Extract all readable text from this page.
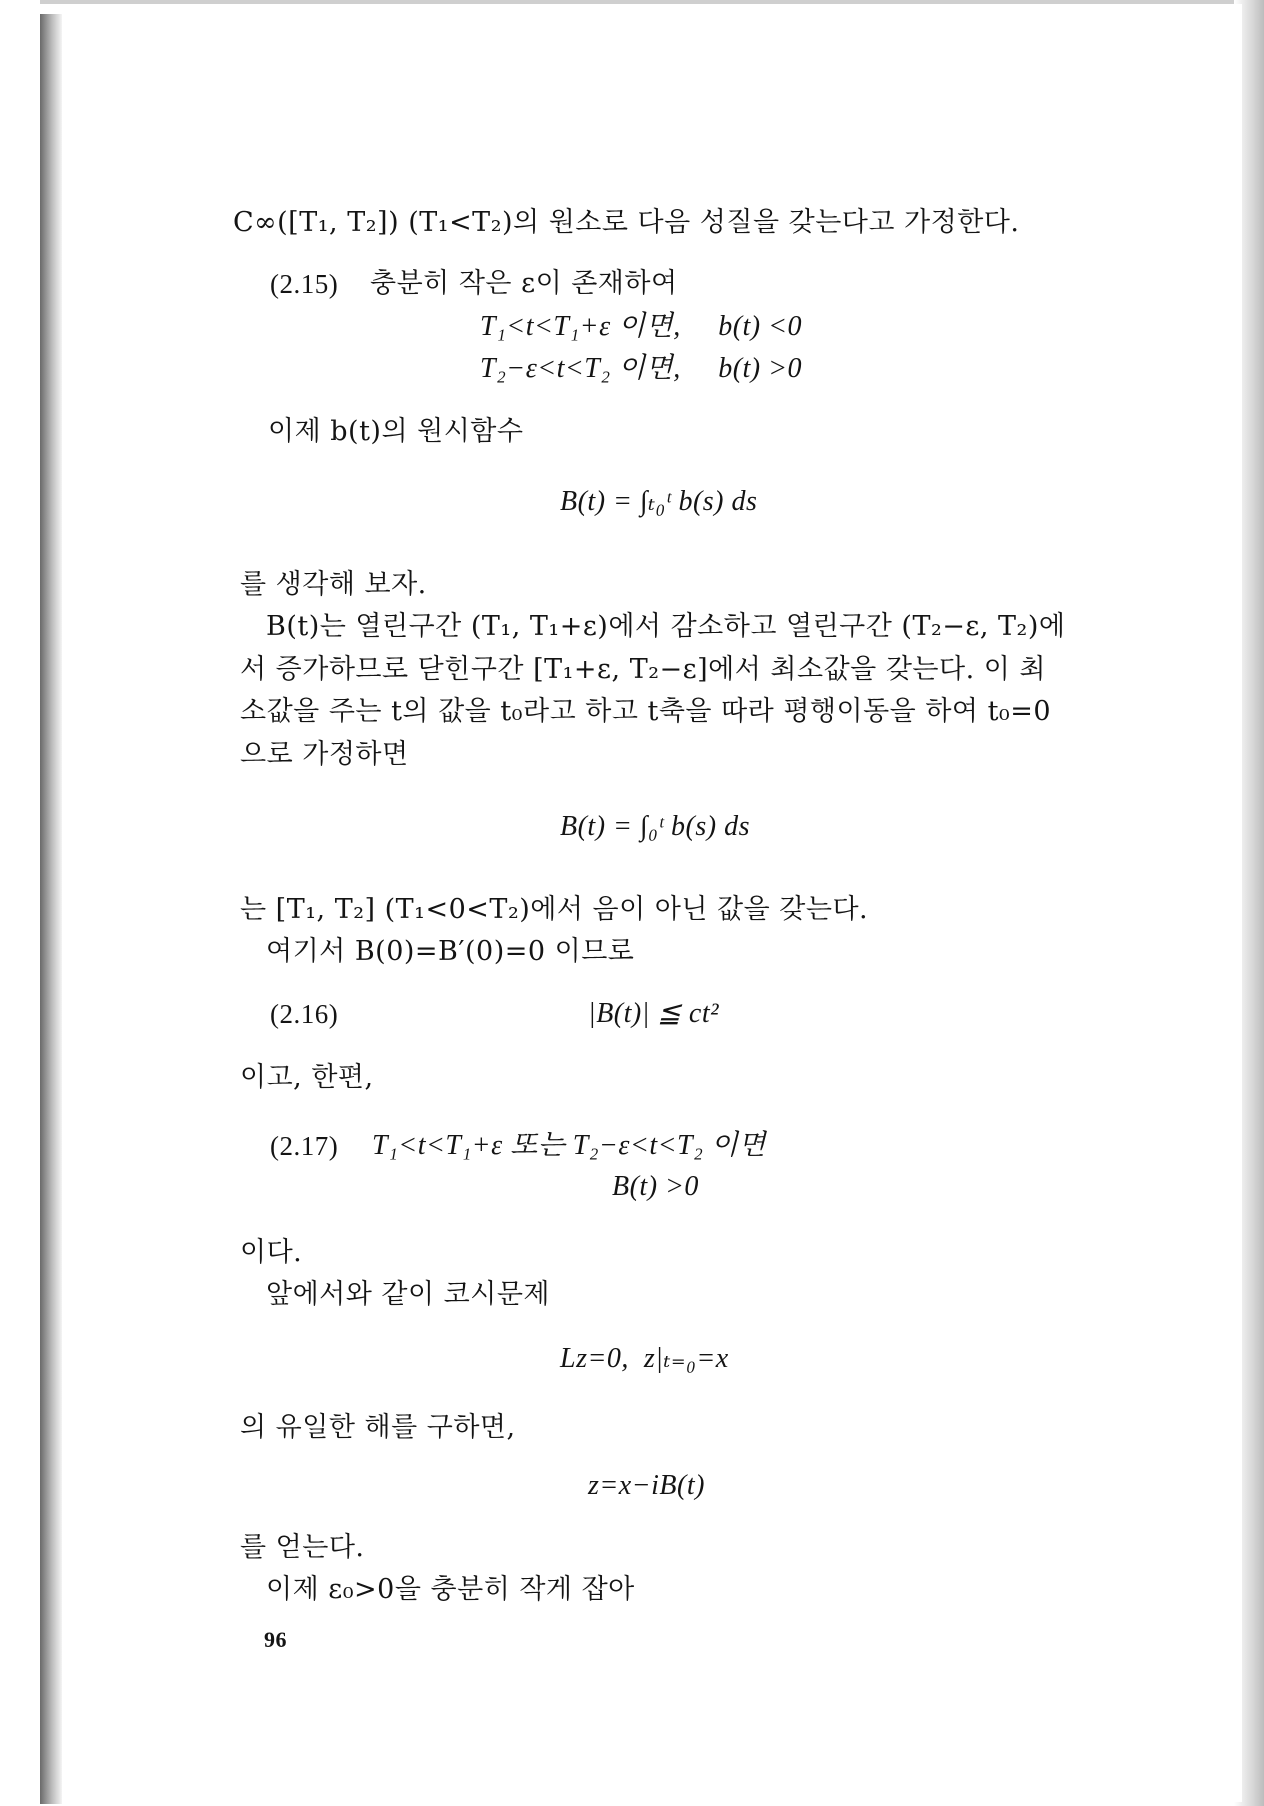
C∞([T₁, T₂]) (T₁<T₂)의 원소로 다음 성질을 갖는다고 가정한다.
(2.15) 충분히 작은 ε이 존재하여
T₁<t<T₁+ε 이면,     b(t) <0
T₂−ε<t<T₂ 이면,     b(t) >0
이제 b(t)의 원시함수
B(t) = ∫ₜ₀ᵗ b(s) ds
를 생각해 보자.
B(t)는 열린구간 (T₁, T₁+ε)에서 감소하고 열린구간 (T₂−ε, T₂)에
서 증가하므로 닫힌구간 [T₁+ε, T₂−ε]에서 최소값을 갖는다. 이 최
소값을 주는 t의 값을 t₀라고 하고 t축을 따라 평행이동을 하여 t₀=0
으로 가정하면
B(t) = ∫₀ᵗ b(s) ds
는 [T₁, T₂] (T₁<0<T₂)에서 음이 아닌 값을 갖는다.
여기서 B(0)=B′(0)=0 이므로
(2.16)	|B(t)| ≦ ct²
이고, 한편,
(2.17) T₁<t<T₁+ε 또는 T₂−ε<t<T₂ 이면
B(t) >0
이다.
앞에서와 같이 코시문제
Lz=0,  z|ₜ₌₀=x
의 유일한 해를 구하면,
z=x−iB(t)
를 얻는다.
이제 ε₀>0을 충분히 작게 잡아
96
